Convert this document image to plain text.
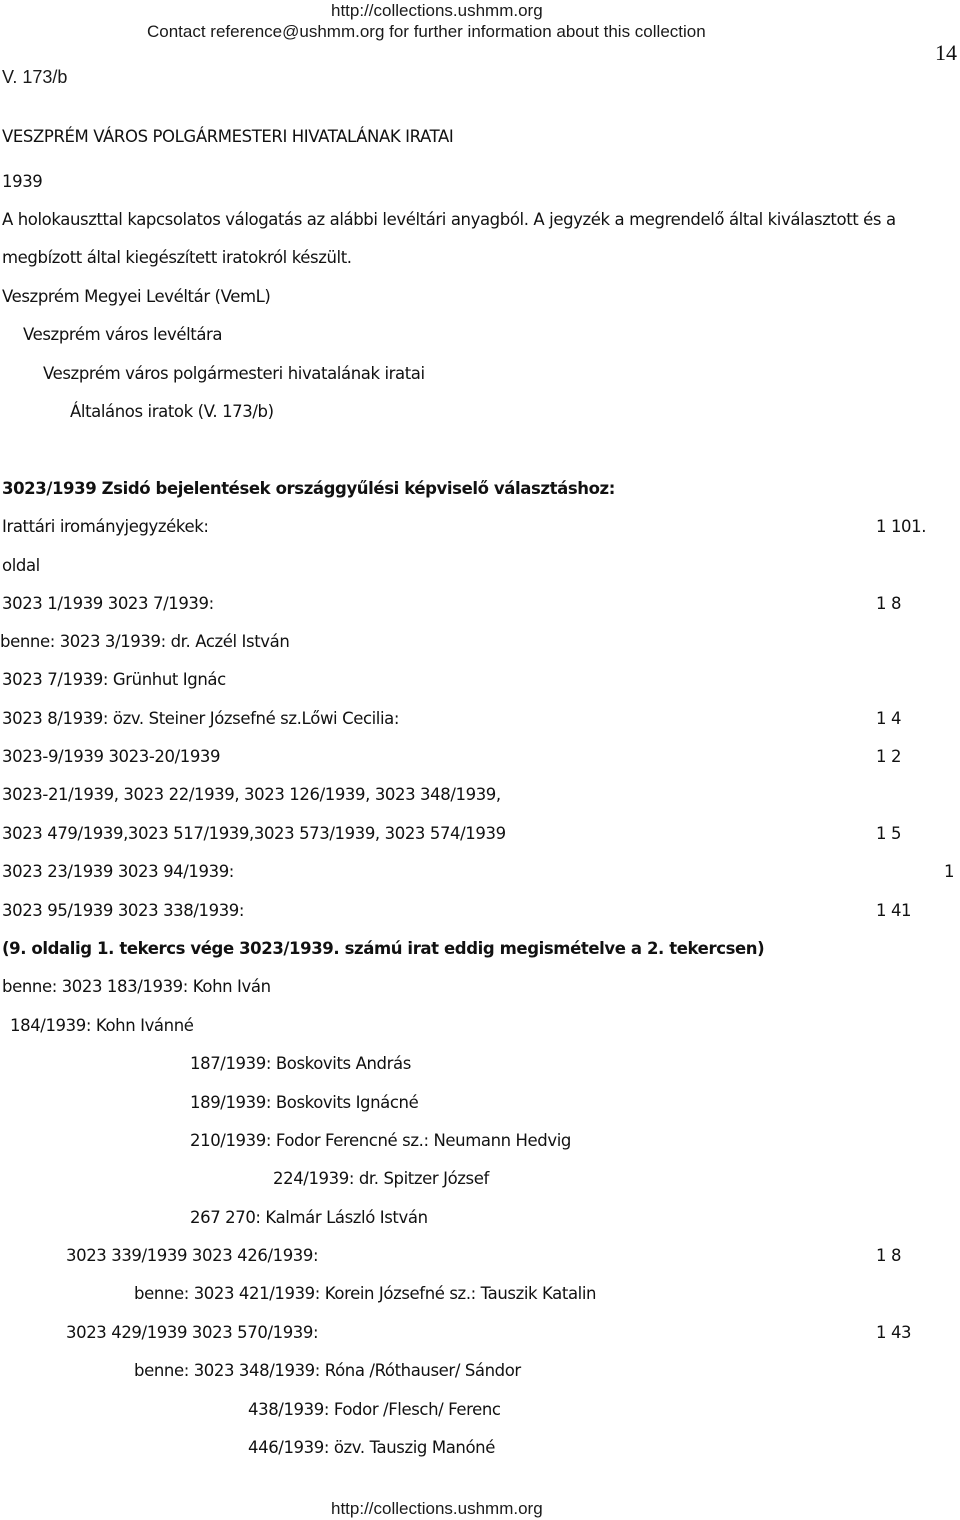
http://collections.ushmm.org
Contact reference@ushmm.org for further information about this collection
14
V. 173/b
VESZPRÉM VÁROS POLGÁRMESTERI HIVATALÁNAK IRATAI
1939
A holokauszttal kapcsolatos válogatás az alábbi levéltári anyagból. A jegyzék a megrendelő által kiválasztott és a
megbízott által kiegészített iratokról készült.
Veszprém Megyei Levéltár (VemL)
Veszprém város levéltára
Veszprém város polgármesteri hivatalának iratai
Általános iratok (V. 173/b)
3023/1939 Zsidó bejelentések országgyűlési képviselő választáshoz:
Irattári irományjegyzékek:	1 101.
oldal
3023 1/1939 3023 7/1939:	1 8
benne: 3023 3/1939: dr. Aczél István
3023 7/1939: Grünhut Ignác
3023 8/1939: özv. Steiner Józsefné sz.Lőwi Cecilia:	1 4
3023-9/1939 3023-20/1939	1 2
3023-21/1939, 3023 22/1939, 3023 126/1939, 3023 348/1939,
3023 479/1939,3023 517/1939,3023 573/1939, 3023 574/1939	1 5
3023 23/1939 3023 94/1939:	1
3023 95/1939 3023 338/1939:	1 41
(9. oldalig 1. tekercs vége 3023/1939. számú irat eddig megismételve a 2. tekercsen)
benne: 3023 183/1939: Kohn Iván
184/1939: Kohn Ivánné
187/1939: Boskovits András
189/1939: Boskovits Ignácné
210/1939: Fodor Ferencné sz.: Neumann Hedvig
224/1939: dr. Spitzer József
267 270: Kalmár László István
3023 339/1939 3023 426/1939:	1 8
benne: 3023 421/1939: Korein Józsefné sz.: Tauszik Katalin
3023 429/1939 3023 570/1939:	1 43
benne: 3023 348/1939: Róna /Róthauser/ Sándor
438/1939: Fodor /Flesch/ Ferenc
446/1939: özv. Tauszig Manóné
http://collections.ushmm.org
